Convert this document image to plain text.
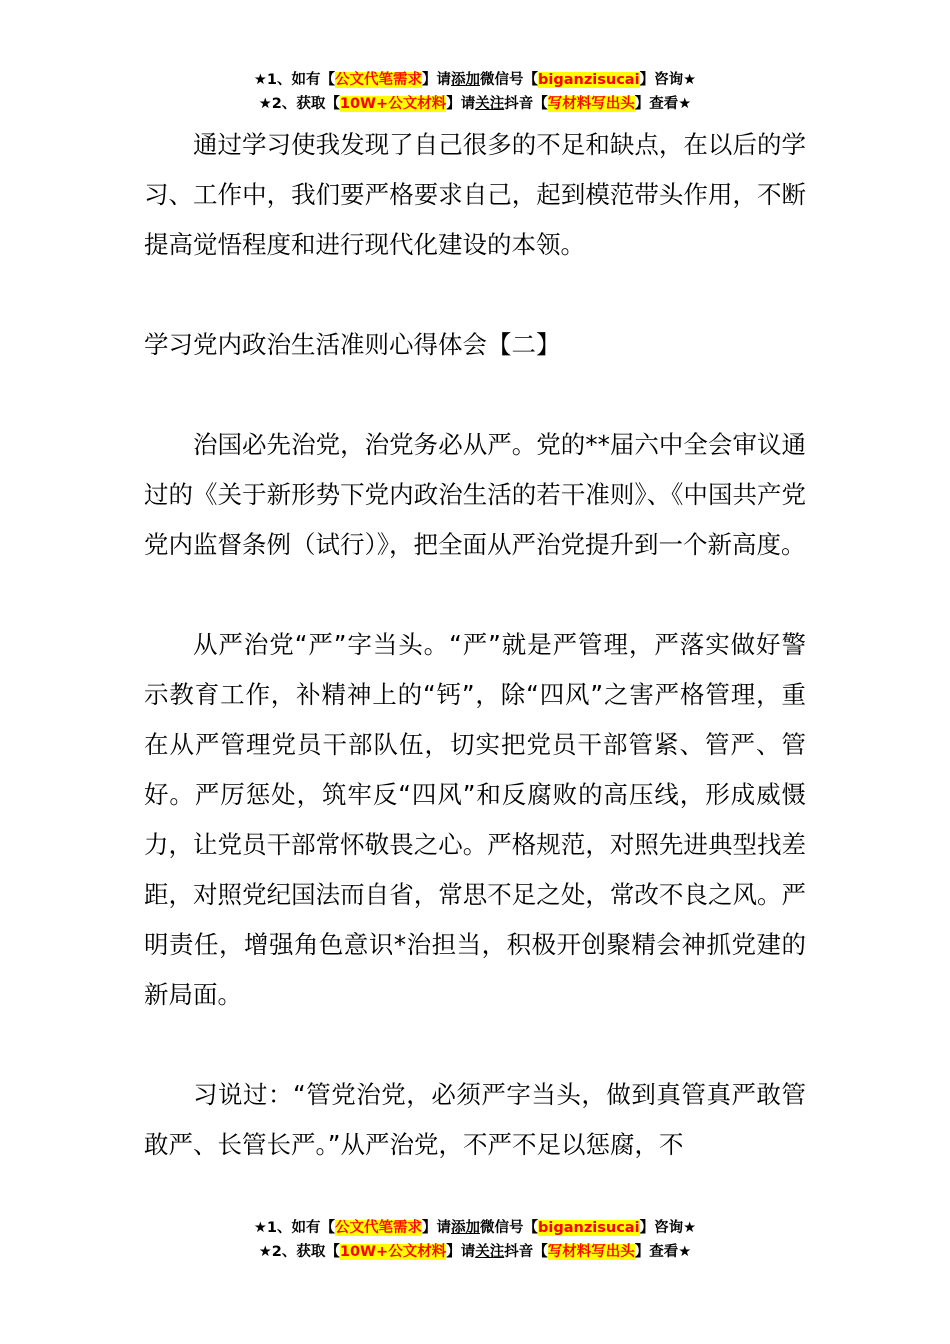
★1、如有【公文代笔需求】请添加微信号【biganzisucai】咨询★
★2、获取【10W+公文材料】请关注抖音【写材料写出头】查看★

通过学习使我发现了自己很多的不足和缺点，在以后的学习、工作中，我们要严格要求自己，起到模范带头作用，不断提高觉悟程度和进行现代化建设的本领。

学习党内政治生活准则心得体会【二】

治国必先治党，治党务必从严。党的**届六中全会审议通过的《关于新形势下党内政治生活的若干准则》、《中国共产党党内监督条例（试行）》，把全面从严治党提升到一个新高度。

从严治党“严”字当头。“严”就是严管理，严落实做好警示教育工作，补精神上的“钙”，除“四风”之害严格管理，重在从严管理党员干部队伍，切实把党员干部管紧、管严、管好。严厉惩处，筑牢反“四风”和反腐败的高压线，形成威慑力，让党员干部常怀敬畏之心。严格规范，对照先进典型找差距，对照党纪国法而自省，常思不足之处，常改不良之风。严明责任，增强角色意识*治担当，积极开创聚精会神抓党建的新局面。

习说过：“管党治党，必须严字当头，做到真管真严敢管敢严、长管长严。”从严治党，不严不足以惩腐，不

★1、如有【公文代笔需求】请添加微信号【biganzisucai】咨询★
★2、获取【10W+公文材料】请关注抖音【写材料写出头】查看★
